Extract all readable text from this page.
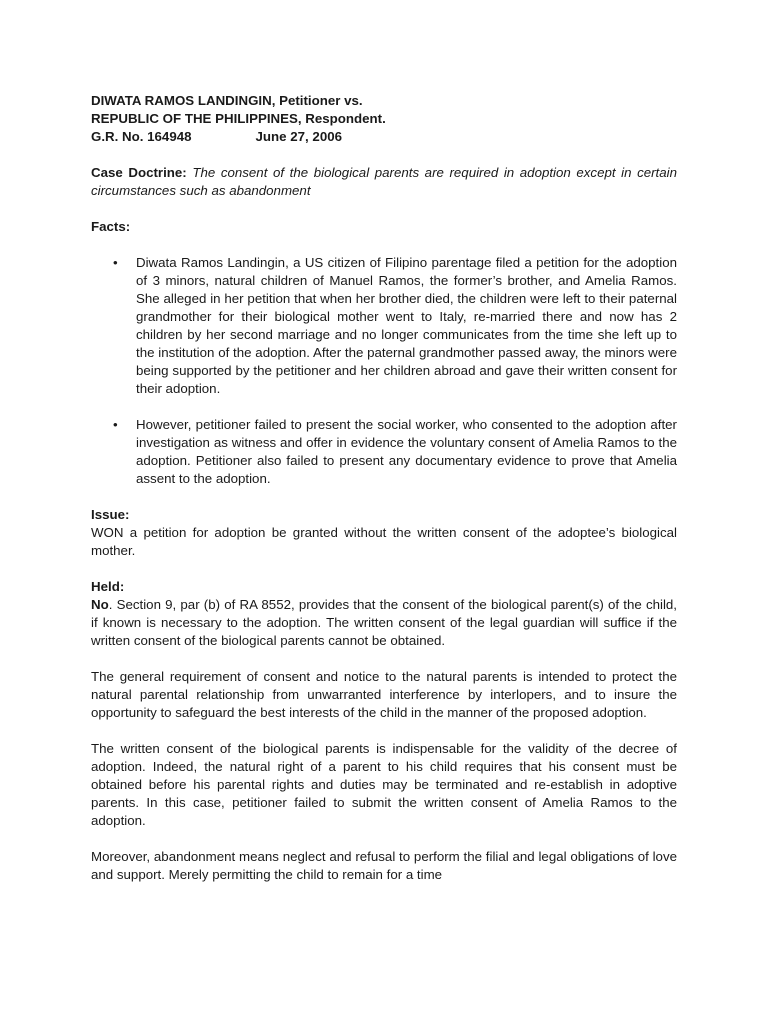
DIWATA RAMOS LANDINGIN, Petitioner vs.

REPUBLIC OF THE PHILIPPINES, Respondent.

G.R. No. 164948	June 27, 2006

Case Doctrine: The consent of the biological parents are required in adoption except in certain circumstances such as abandonment
Facts:
• Diwata Ramos Landingin, a US citizen of Filipino parentage filed a petition for the adoption of 3 minors, natural children of Manuel Ramos, the former’s brother, and Amelia Ramos. She alleged in her petition that when her brother died, the children were left to their paternal grandmother for their biological mother went to Italy, re-married there and now has 2 children by her second marriage and no longer communicates from the time she left up to the institution of the adoption. After the paternal grandmother passed away, the minors were being supported by the petitioner and her children abroad and gave their written consent for their adoption.
• However, petitioner failed to present the social worker, who consented to the adoption after investigation as witness and offer in evidence the voluntary consent of Amelia Ramos to the adoption. Petitioner also failed to present any documentary evidence to prove that Amelia assent to the adoption.
Issue:

WON a petition for adoption be granted without the written consent of the adoptee’s biological mother.

Held:

No. Section 9, par (b) of RA 8552, provides that the consent of the biological parent(s) of the child, if known is necessary to the adoption. The written consent of the legal guardian will suffice if the written consent of the biological parents cannot be obtained.

The general requirement of consent and notice to the natural parents is intended to protect the natural parental relationship from unwarranted interference by interlopers, and to insure the opportunity to safeguard the best interests of the child in the manner of the proposed adoption.

The written consent of the biological parents is indispensable for the validity of the decree of adoption. Indeed, the natural right of a parent to his child requires that his consent must be obtained before his parental rights and duties may be terminated and re-establish in adoptive parents. In this case, petitioner failed to submit the written consent of Amelia Ramos to the adoption.

Moreover, abandonment means neglect and refusal to perform the filial and legal obligations of love and support. Merely permitting the child to remain for a time
